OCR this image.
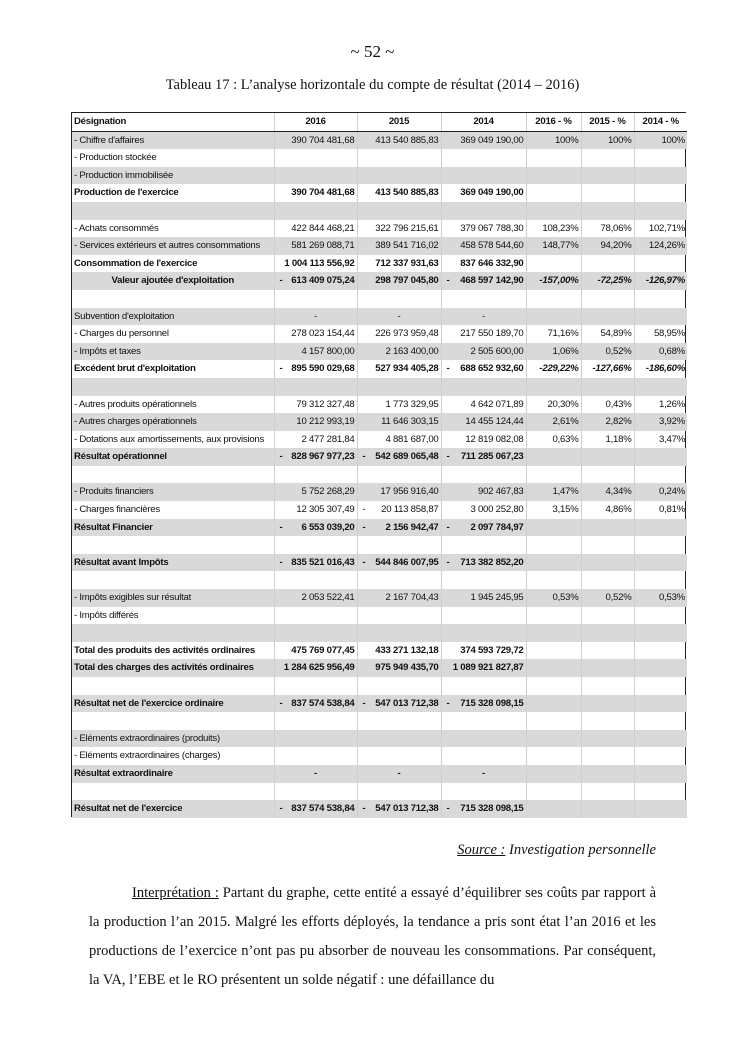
~ 52 ~
Tableau 17 : L’analyse horizontale du compte de résultat (2014 – 2016)
Désignation	2016	2015	2014	2016 - %	2015 - %	2014 - %
- Chiffre d'affaires	390 704 481,68	413 540 885,83	369 049 190,00	100%	100%	100%
- Production stockée						
- Production immobilisée						
Production de l'exercice	390 704 481,68	413 540 885,83	369 049 190,00			

- Achats consommés	422 844 468,21	322 796 215,61	379 067 788,30	108,23%	78,06%	102,71%
- Services extérieurs et autres consommations	581 269 088,71	389 541 716,02	458 578 544,60	148,77%	94,20%	124,26%
Consommation de l'exercice	1 004 113 556,92	712 337 931,63	837 646 332,90			
Valeur ajoutée d'exploitation	- 613 409 075,24	298 797 045,80	- 468 597 142,90	-157,00%	-72,25%	-126,97%

Subvention d'exploitation	-	-	-			
- Charges du personnel	278 023 154,44	226 973 959,48	217 550 189,70	71,16%	54,89%	58,95%
- Impôts et taxes	4 157 800,00	2 163 400,00	2 505 600,00	1,06%	0,52%	0,68%
Excédent brut d'exploitation	- 895 590 029,68	527 934 405,28	- 688 652 932,60	-229,22%	-127,66%	-186,60%

- Autres produits opérationnels	79 312 327,48	1 773 329,95	4 642 071,89	20,30%	0,43%	1,26%
- Autres charges opérationnels	10 212 993,19	11 646 303,15	14 455 124,44	2,61%	2,82%	3,92%
- Dotations aux amortissements, aux provisions	2 477 281,84	4 881 687,00	12 819 082,08	0,63%	1,18%	3,47%
Résultat opérationnel	- 828 967 977,23	- 542 689 065,48	- 711 285 067,23			

- Produits financiers	5 752 268,29	17 956 916,40	902 467,83	1,47%	4,34%	0,24%
- Charges financières	12 305 307,49	- 20 113 858,87	3 000 252,80	3,15%	4,86%	0,81%
Résultat Financier	- 6 553 039,20	- 2 156 942,47	- 2 097 784,97			

Résultat avant Impôts	- 835 521 016,43	- 544 846 007,95	- 713 382 852,20			

- Impôts exigibles sur résultat	2 053 522,41	2 167 704,43	1 945 245,95	0,53%	0,52%	0,53%
- Impôts différés						

Total des produits des activités ordinaires	475 769 077,45	433 271 132,18	374 593 729,72			
Total des charges des activités ordinaires	1 284 625 956,49	975 949 435,70	1 089 921 827,87			

Résultat net de l'exercice ordinaire	- 837 574 538,84	- 547 013 712,38	- 715 328 098,15			

- Eléments extraordinaires (produits)						
- Eléments extraordinaires (charges)						
Résultat extraordinaire	-	-	-			

Résultat net de l'exercice	- 837 574 538,84	- 547 013 712,38	- 715 328 098,15			
Source : Investigation personnelle
Interprétation : Partant du graphe, cette entité a essayé d’équilibrer ses coûts par rapport à la production l’an 2015. Malgré les efforts déployés, la tendance a pris sont état l’an 2016 et les productions de l’exercice n’ont pas pu absorber de nouveau les consommations. Par conséquent, la VA, l’EBE et le RO présentent un solde négatif : une défaillance du
